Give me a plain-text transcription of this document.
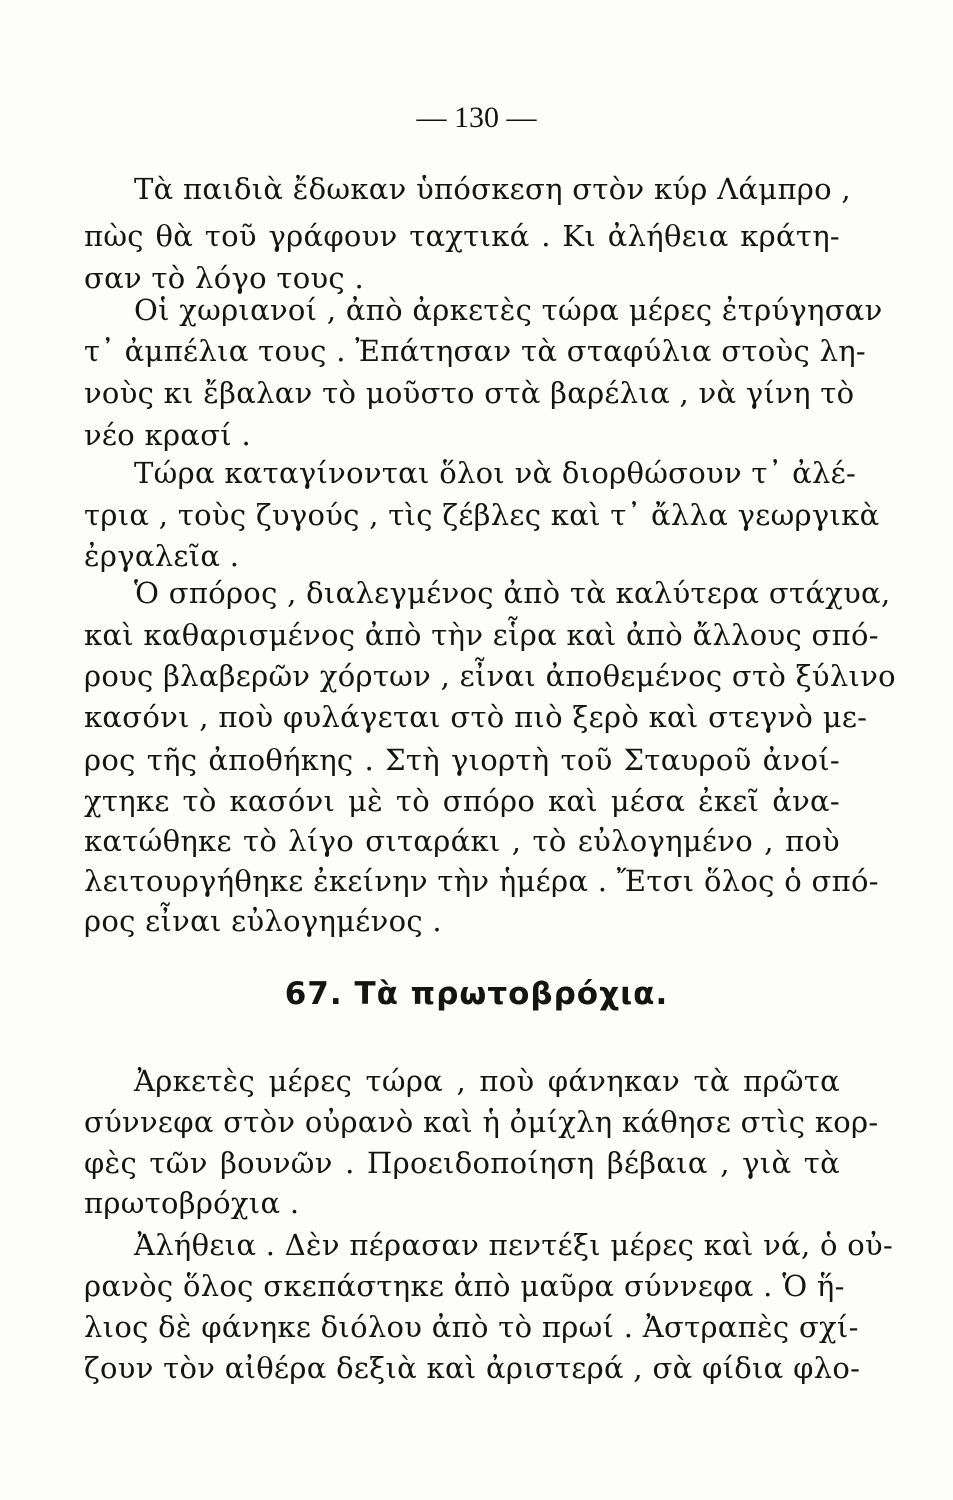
— 130 —
Τὰ παιδιὰ ἔδωκαν ὑπόσκεση στὸν κύρ Λάμπρο ,
πὼς θὰ τοῦ γράφουν ταχτικά . Κι ἀλήθεια κράτη-
σαν τὸ λόγο τους .
Οἱ χωριανοί , ἀπὸ ἀρκετὲς τώρα μέρες ἐτρύγησαν
τ᾽ ἀμπέλια τους . Ἐπάτησαν τὰ σταφύλια στοὺς λη-
νοὺς κι ἔβαλαν τὸ μοῦστο στὰ βαρέλια , νὰ γίνη τὸ
νέο κρασί .
Τώρα καταγίνονται ὅλοι νὰ διορθώσουν τ᾽ ἀλέ-
τρια , τοὺς ζυγούς , τὶς ζέβλες καὶ τ᾽ ἄλλα γεωργικὰ
ἐργαλεῖα .
Ὁ σπόρος , διαλεγμένος ἀπὸ τὰ καλύτερα στάχυα,
καὶ καθαρισμένος ἀπὸ τὴν εἷρα καὶ ἀπὸ ἄλλους σπό-
ρους βλαβερῶν χόρτων , εἶναι ἀποθεμένος στὸ ξύλινο
κασόνι , ποὺ φυλάγεται στὸ πιὸ ξερὸ καὶ στεγνὸ με-
ρος τῆς ἀποθήκης . Στὴ γιορτὴ τοῦ Σταυροῦ ἀνοί-
χτηκε τὸ κασόνι μὲ τὸ σπόρο καὶ μέσα ἐκεῖ ἀνα-
κατώθηκε τὸ λίγο σιταράκι , τὸ εὐλογημένο , ποὺ
λειτουργήθηκε ἐκείνην τὴν ἡμέρα . Ἔτσι ὅλος ὁ σπό-
ρος εἶναι εὐλογημένος .
67. Τὰ πρωτοβρόχια.
Ἀρκετὲς μέρες τώρα , ποὺ φάνηκαν τὰ πρῶτα
σύννεφα στὸν οὐρανὸ καὶ ἡ ὀμίχλη κάθησε στὶς κορ-
φὲς τῶν βουνῶν . Προειδοποίηση βέβαια , γιὰ τὰ
πρωτοβρόχια .
Ἀλήθεια . Δὲν πέρασαν πεντέξι μέρες καὶ νά, ὁ οὐ-
ρανὸς ὅλος σκεπάστηκε ἀπὸ μαῦρα σύννεφα . Ὁ ἥ-
λιος δὲ φάνηκε διόλου ἀπὸ τὸ πρωί . Ἀστραπὲς σχί-
ζουν τὸν αἰθέρα δεξιὰ καὶ ἀριστερά , σὰ φίδια φλο-
